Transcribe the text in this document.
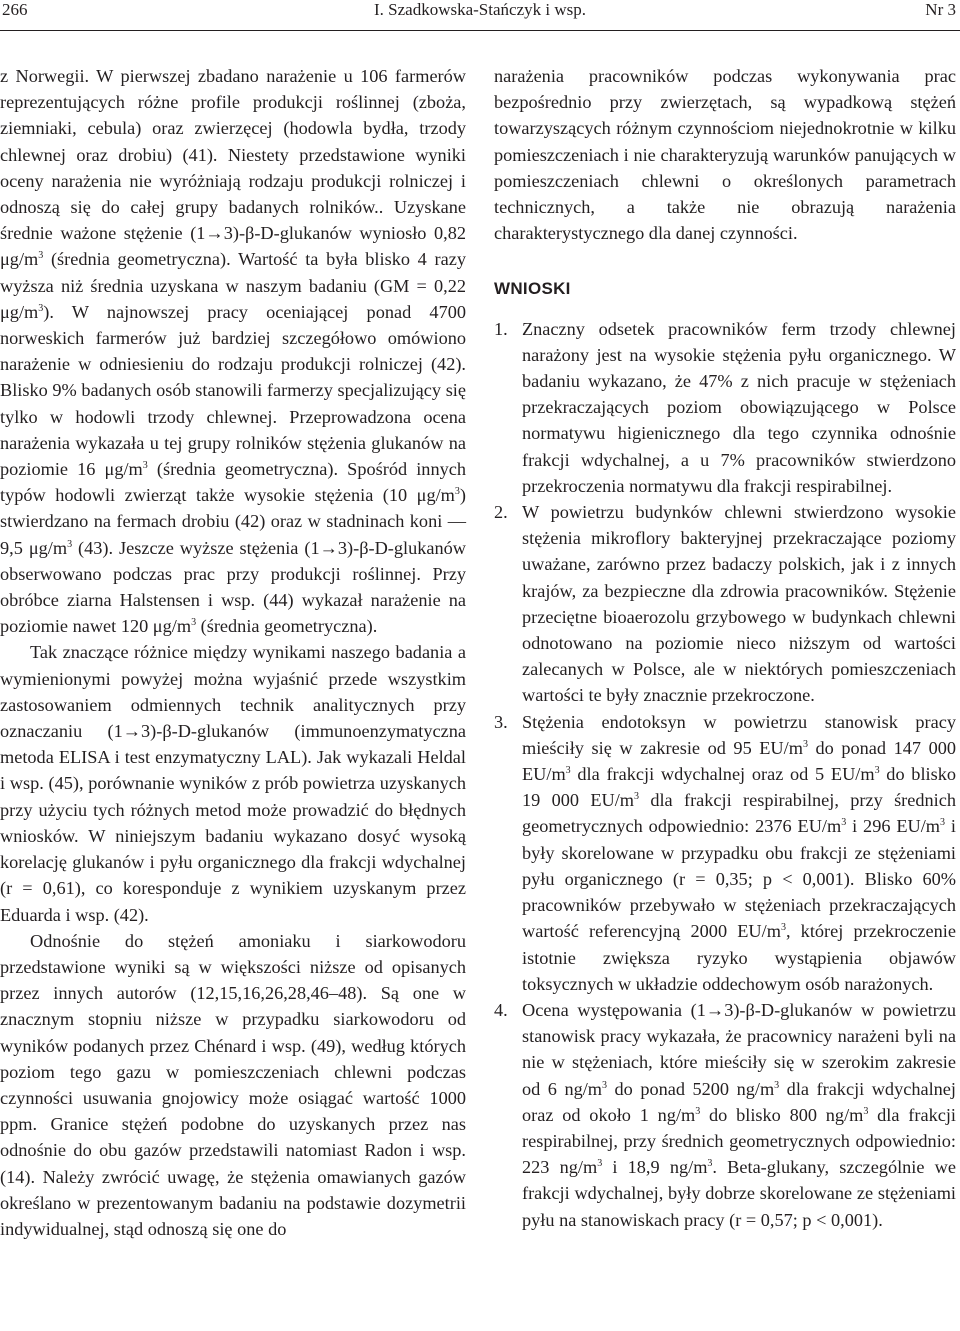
266	I. Szadkowska-Stańczyk i wsp.	Nr 3

z Norwegii. W pierwszej zbadano narażenie u 106 farmerów reprezentujących różne profile produkcji roślinnej (zboża, ziemniaki, cebula) oraz zwierzęcej (hodowla bydła, trzody chlewnej oraz drobiu) (41). Niestety przedstawione wyniki oceny narażenia nie wyróżniają rodzaju produkcji rolniczej i odnoszą się do całej grupy badanych rolników.. Uzyskane średnie ważone stężenie (1→3)-β-D-glukanów wyniosło 0,82 $\mu g/m^3$ (średnia geometryczna). Wartość ta była blisko 4 razy wyższa niż średnia uzyskana w naszym badaniu (GM = 0,22 $\mu g/m^3$). W najnowszej pracy oceniającej ponad 4700 norweskich farmerów już bardziej szczegółowo omówiono narażenie w odniesieniu do rodzaju produkcji rolniczej (42). Blisko 9% badanych osób stanowili farmerzy specjalizujący się tylko w hodowli trzody chlewnej. Przeprowadzona ocena narażenia wykazała u tej grupy rolników stężenia glukanów na poziomie 16 $\mu g/m^3$ (średnia geometryczna). Spośród innych typów hodowli zwierząt także wysokie stężenia (10 $\mu g/m^3$) stwierdzano na fermach drobiu (42) oraz w stadninach koni — 9,5 $\mu g/m^3$ (43). Jeszcze wyższe stężenia (1→3)-β-D-glukanów obserwowano podczas prac przy produkcji roślinnej. Przy obróbce ziarna Halstensen i wsp. (44) wykazał narażenie na poziomie nawet 120 $\mu g/m^3$ (średnia geometryczna).

Tak znaczące różnice między wynikami naszego badania a wymienionymi powyżej można wyjaśnić przede wszystkim zastosowaniem odmiennych technik analitycznych przy oznaczaniu (1→3)-β-D-glukanów (immunoenzymatyczna metoda ELISA i test enzymatyczny LAL). Jak wykazali Heldal i wsp. (45), porównanie wyników z prób powietrza uzyskanych przy użyciu tych różnych metod może prowadzić do błędnych wniosków. W niniejszym badaniu wykazano dosyć wysoką korelację glukanów i pyłu organicznego dla frakcji wdychalnej (r = 0,61), co koresponduje z wynikiem uzyskanym przez Eduarda i wsp. (42).

Odnośnie do stężeń amoniaku i siarkowodoru przedstawione wyniki są w większości niższe od opisanych przez innych autorów (12,15,16,26,28,46–48). Są one w znacznym stopniu niższe w przypadku siarkowodoru od wyników podanych przez Chénard i wsp. (49), według których poziom tego gazu w pomieszczeniach chlewni podczas czynności usuwania gnojowicy może osiągać wartość 1000 ppm. Granice stężeń podobne do uzyskanych przez nas odnośnie do obu gazów przedstawili natomiast Radon i wsp. (14). Należy zwrócić uwagę, że stężenia omawianych gazów określano w prezentowanym badaniu na podstawie dozymetrii indywidualnej, stąd odnoszą się one do

narażenia pracowników podczas wykonywania prac bezpośrednio przy zwierzętach, są wypadkową stężeń towarzyszących różnym czynnościom niejednokrotnie w kilku pomieszczeniach i nie charakteryzują warunków panujących w pomieszczeniach chlewni o określonych parametrach technicznych, a także nie obrazują narażenia charakterystycznego dla danej czynności.

WNIOSKI
1. Znaczny odsetek pracowników ferm trzody chlewnej narażony jest na wysokie stężenia pyłu organicznego. W badaniu wykazano, że 47% z nich pracuje w stężeniach przekraczających poziom obowiązującego w Polsce normatywu higienicznego dla tego czynnika odnośnie frakcji wdychalnej, a u 7% pracowników stwierdzono przekroczenia normatywu dla frakcji respirabilnej.
2. W powietrzu budynków chlewni stwierdzono wysokie stężenia mikroflory bakteryjnej przekraczające poziomy uważane, zarówno przez badaczy polskich, jak i z innych krajów, za bezpieczne dla zdrowia pracowników. Stężenie przeciętne bioaerozolu grzybowego w budynkach chlewni odnotowano na poziomie nieco niższym od wartości zalecanych w Polsce, ale w niektórych pomieszczeniach wartości te były znacznie przekroczone.
3. Stężenia endotoksyn w powietrzu stanowisk pracy mieściły się w zakresie od 95 $EU/m^3$ do ponad 147 000 $EU/m^3$ dla frakcji wdychalnej oraz od 5 $EU/m^3$ do blisko 19 000 $EU/m^3$ dla frakcji respirabilnej, przy średnich geometrycznych odpowiednio: 2376 $EU/m^3$ i 296 $EU/m^3$ i były skorelowane w przypadku obu frakcji ze stężeniami pyłu organicznego (r = 0,35; p < 0,001). Blisko 60% pracowników przebywało w stężeniach przekraczających wartość referencyjną 2000 $EU/m^3$, której przekroczenie istotnie zwiększa ryzyko wystąpienia objawów toksycznych w układzie oddechowym osób narażonych.
4. Ocena występowania (1→3)-β-D-glukanów w powietrzu stanowisk pracy wykazała, że pracownicy narażeni byli na nie w stężeniach, które mieściły się w szerokim zakresie od 6 $ng/m^3$ do ponad 5200 $ng/m^3$ dla frakcji wdychalnej oraz od około 1 $ng/m^3$ do blisko 800 $ng/m^3$ dla frakcji respirabilnej, przy średnich geometrycznych odpowiednio: 223 $ng/m^3$ i 18,9 $ng/m^3$. Beta-glukany, szczególnie we frakcji wdychalnej, były dobrze skorelowane ze stężeniami pyłu na stanowiskach pracy (r = 0,57; p < 0,001).
